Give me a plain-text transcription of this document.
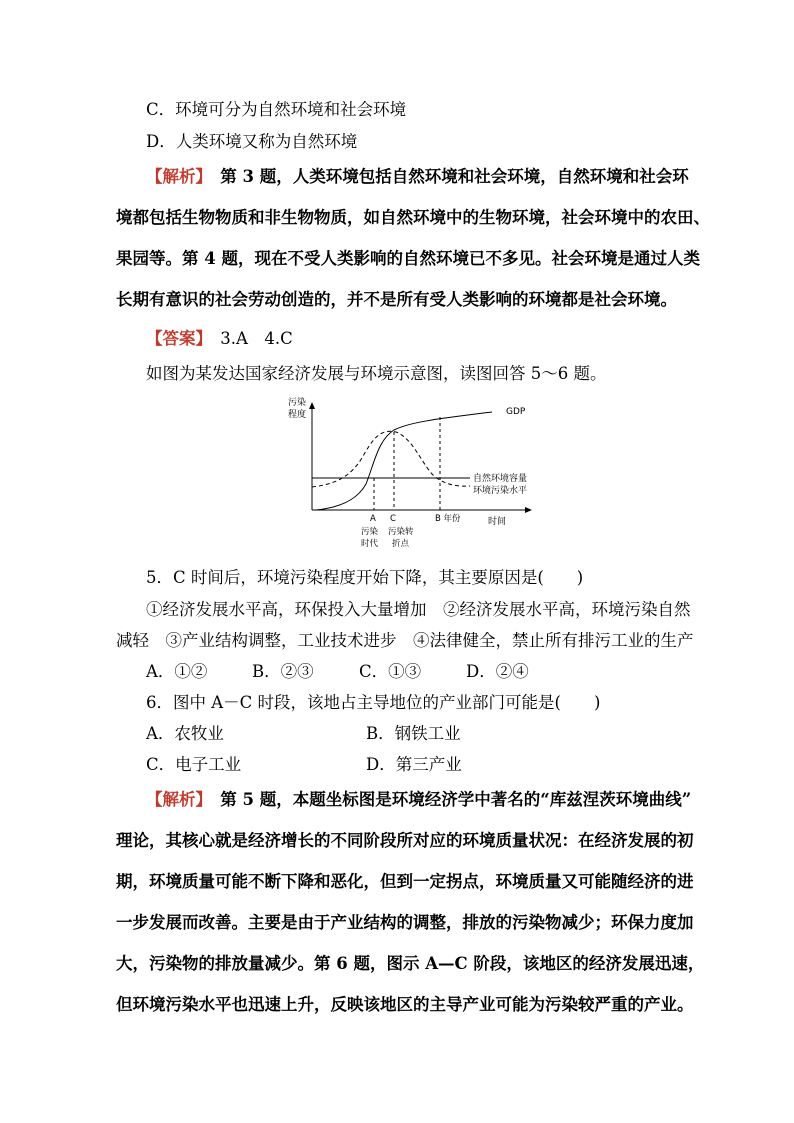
C．环境可分为自然环境和社会环境
D．人类环境又称为自然环境
【解析】　 第 3 题，人类环境包括自然环境和社会环境，自然环境和社会环
境都包括生物物质和非生物物质，如自然环境中的生物环境，社会环境中的农田、
果园等。第 4 题，现在不受人类影响的自然环境已不多见。社会环境是通过人类
长期有意识的社会劳动创造的，并不是所有受人类影响的环境都是社会环境。
【答案】　 3.A　4.C
如图为某发达国家经济发展与环境示意图，读图回答 5～6 题。
污染
程度	GDP
自然环境容量
环境污染水平
A C	B 年份	时间
污染
时代
污染转
折点
5．C 时间后，环境污染程度开始下降，其主要原因是(　　)
①经济发展水平高，环保投入大量增加　②经济发展水平高，环境污染自然
减轻　③产业结构调整，工业技术进步　④法律健全，禁止所有排污工业的生产
A．①②	B．②③	C．①③	D．②④
6．图中 A－C 时段，该地占主导地位的产业部门可能是(　　)
A．农牧业	B．钢铁工业
C．电子工业	D．第三产业
【解析】　 第 5 题，本题坐标图是环境经济学中著名的“库兹涅茨环境曲线”
理论，其核心就是经济增长的不同阶段所对应的环境质量状况：在经济发展的初
期，环境质量可能不断下降和恶化，但到一定拐点，环境质量又可能随经济的进
一步发展而改善。主要是由于产业结构的调整，排放的污染物减少；环保力度加
大，污染物的排放量减少。第 6 题，图示 A—C 阶段，该地区的经济发展迅速，
但环境污染水平也迅速上升，反映该地区的主导产业可能为污染较严重的产业。
